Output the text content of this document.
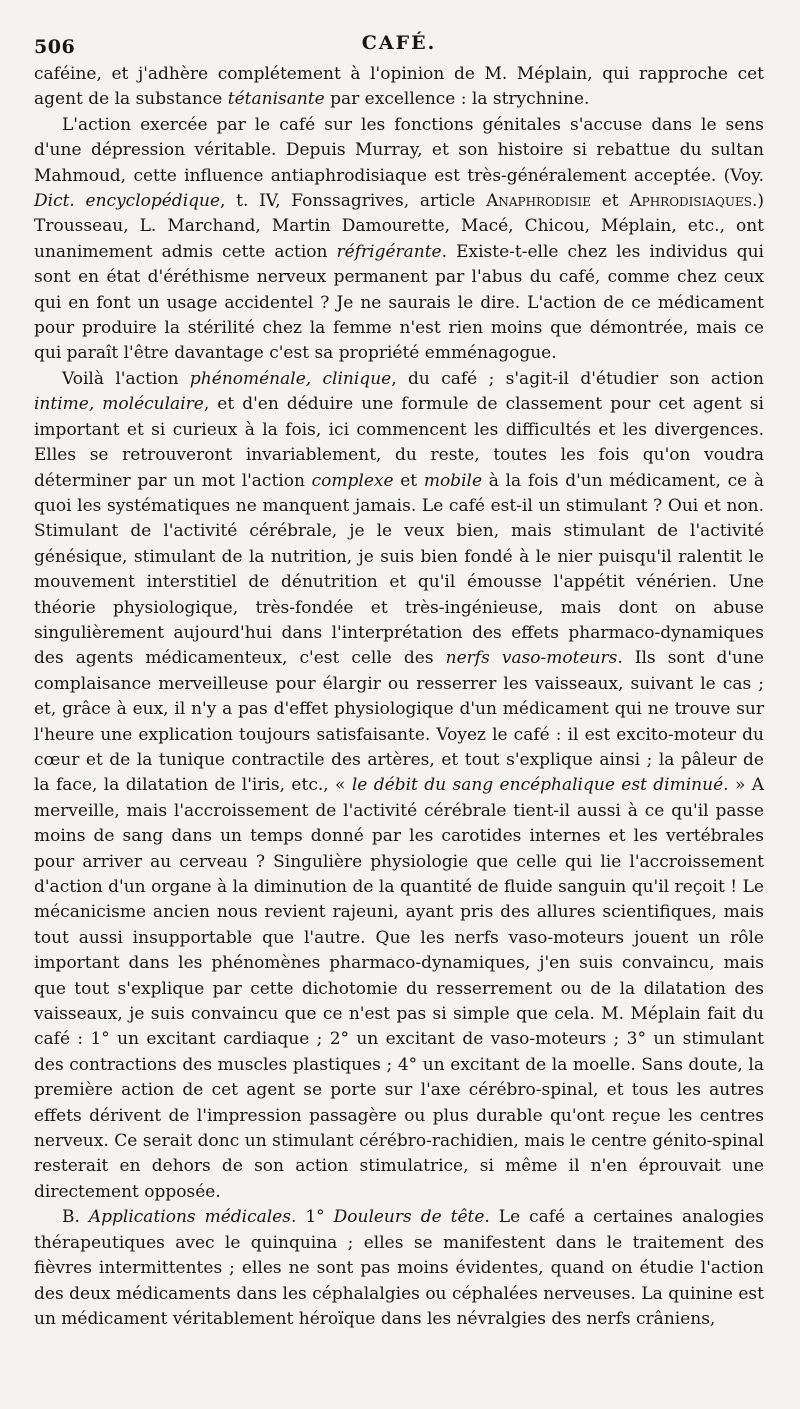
506	CAFÉ.

caféine, et j'adhère complétement à l'opinion de M. Méplain, qui rapproche cet agent de la substance tétanisante par excellence : la strychnine.

L'action exercée par le café sur les fonctions génitales s'accuse dans le sens d'une dépression véritable. Depuis Murray, et son histoire si rebattue du sultan Mahmoud, cette influence antiaphrodisiaque est très-généralement acceptée. (Voy. Dict. encyclopédique, t. IV, Fonssagrives, article Anaphrodisie et Aphrodisiaques.) Trousseau, L. Marchand, Martin Damourette, Macé, Chicou, Méplain, etc., ont unanimement admis cette action réfrigérante. Existe-t-elle chez les individus qui sont en état d'éréthisme nerveux permanent par l'abus du café, comme chez ceux qui en font un usage accidentel ? Je ne saurais le dire. L'action de ce médicament pour produire la stérilité chez la femme n'est rien moins que démontrée, mais ce qui paraît l'être davantage c'est sa propriété emménagogue.

Voilà l'action phénoménale, clinique, du café ; s'agit-il d'étudier son action intime, moléculaire, et d'en déduire une formule de classement pour cet agent si important et si curieux à la fois, ici commencent les difficultés et les divergences. Elles se retrouveront invariablement, du reste, toutes les fois qu'on voudra déterminer par un mot l'action complexe et mobile à la fois d'un médicament, ce à quoi les systématiques ne manquent jamais. Le café est-il un stimulant ? Oui et non. Stimulant de l'activité cérébrale, je le veux bien, mais stimulant de l'activité génésique, stimulant de la nutrition, je suis bien fondé à le nier puisqu'il ralentit le mouvement interstitiel de dénutrition et qu'il émousse l'appétit vénérien. Une théorie physiologique, très-fondée et très-ingénieuse, mais dont on abuse singulièrement aujourd'hui dans l'interprétation des effets pharmaco-dynamiques des agents médicamenteux, c'est celle des nerfs vaso-moteurs. Ils sont d'une complaisance merveilleuse pour élargir ou resserrer les vaisseaux, suivant le cas ; et, grâce à eux, il n'y a pas d'effet physiologique d'un médicament qui ne trouve sur l'heure une explication toujours satisfaisante. Voyez le café : il est excito-moteur du cœur et de la tunique contractile des artères, et tout s'explique ainsi ; la pâleur de la face, la dilatation de l'iris, etc., « le débit du sang encéphalique est diminué. » A merveille, mais l'accroissement de l'activité cérébrale tient-il aussi à ce qu'il passe moins de sang dans un temps donné par les carotides internes et les vertébrales pour arriver au cerveau ? Singulière physiologie que celle qui lie l'accroissement d'action d'un organe à la diminution de la quantité de fluide sanguin qu'il reçoit ! Le mécanicisme ancien nous revient rajeuni, ayant pris des allures scientifiques, mais tout aussi insupportable que l'autre. Que les nerfs vaso-moteurs jouent un rôle important dans les phénomènes pharmaco-dynamiques, j'en suis convaincu, mais que tout s'explique par cette dichotomie du resserrement ou de la dilatation des vaisseaux, je suis convaincu que ce n'est pas si simple que cela. M. Méplain fait du café : 1° un excitant cardiaque ; 2° un excitant de vaso-moteurs ; 3° un stimulant des contractions des muscles plastiques ; 4° un excitant de la moelle. Sans doute, la première action de cet agent se porte sur l'axe cérébro-spinal, et tous les autres effets dérivent de l'impression passagère ou plus durable qu'ont reçue les centres nerveux. Ce serait donc un stimulant cérébro-rachidien, mais le centre génito-spinal resterait en dehors de son action stimulatrice, si même il n'en éprouvait une directement opposée.

B. Applications médicales. 1° Douleurs de tête. Le café a certaines analogies thérapeutiques avec le quinquina ; elles se manifestent dans le traitement des fièvres intermittentes ; elles ne sont pas moins évidentes, quand on étudie l'action des deux médicaments dans les céphalalgies ou céphalées nerveuses. La quinine est un médicament véritablement héroïque dans les névralgies des nerfs crâniens,
